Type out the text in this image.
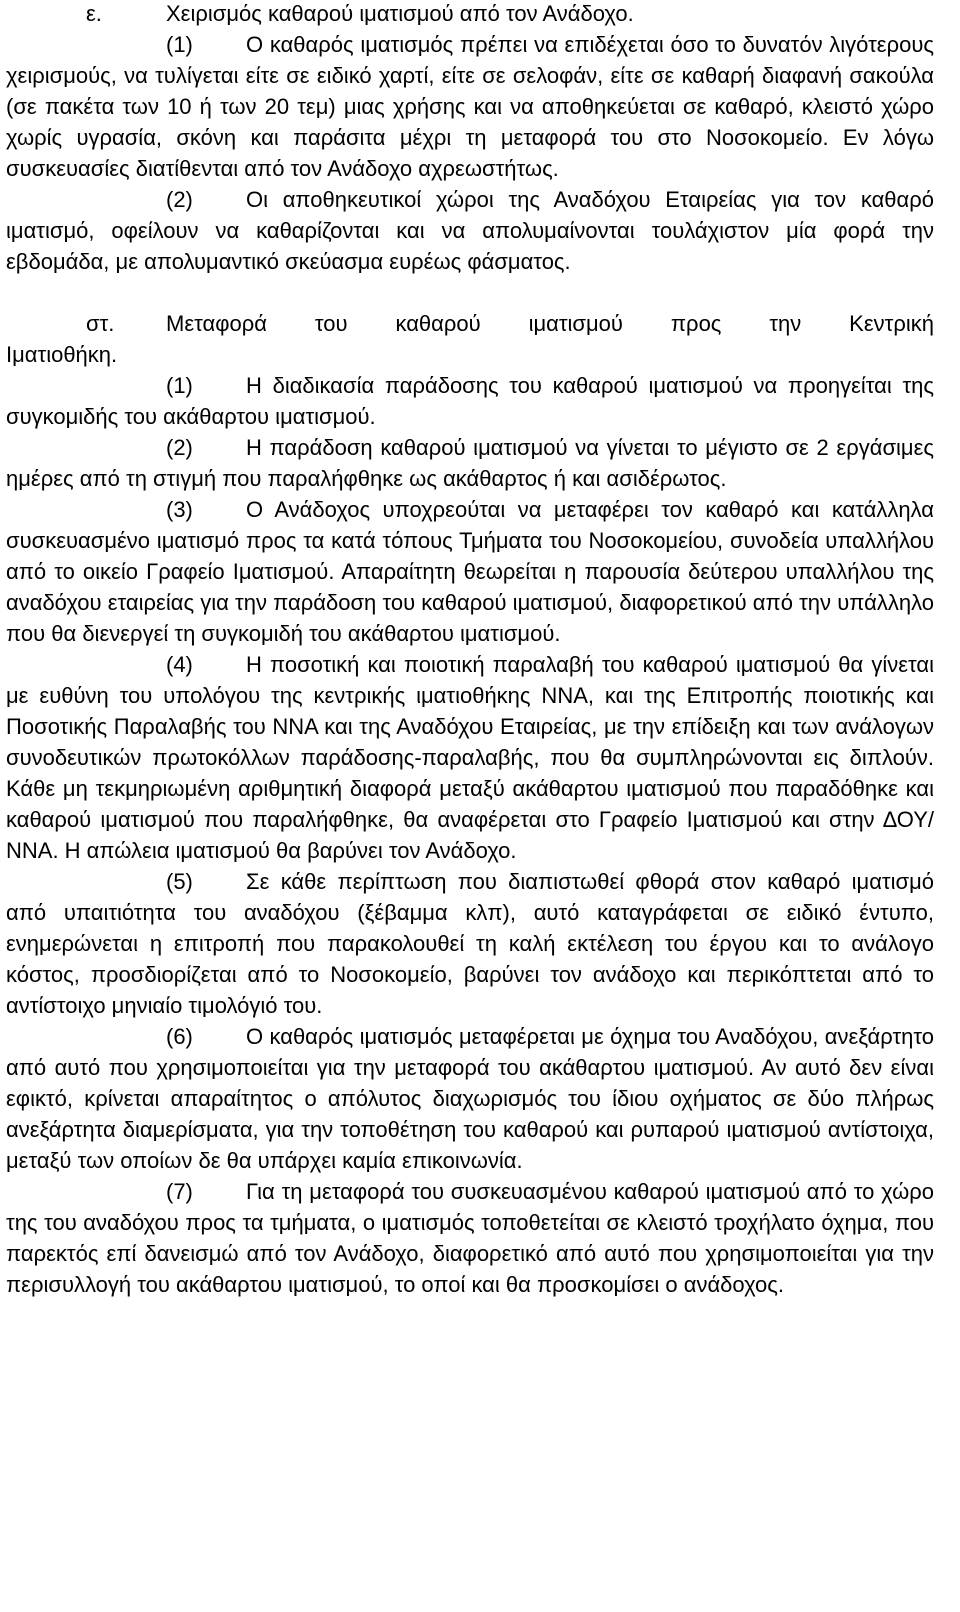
ε.	Χειρισμός καθαρού ιματισμού από τον Ανάδοχο.

(1) Ο καθαρός ιματισμός πρέπει να επιδέχεται όσο το δυνατόν λιγότερους χειρισμούς, να τυλίγεται είτε σε ειδικό χαρτί, είτε σε σελοφάν, είτε σε καθαρή διαφανή σακούλα (σε πακέτα των 10 ή των 20 τεμ) μιας χρήσης και να αποθηκεύεται σε καθαρό, κλειστό χώρο χωρίς υγρασία, σκόνη και παράσιτα μέχρι τη μεταφορά του στο Νοσοκομείο. Εν λόγω συσκευασίες διατίθενται από τον Ανάδοχο αχρεωστήτως.

(2) Οι αποθηκευτικοί χώροι της Αναδόχου Εταιρείας για τον καθαρό ιματισμό, οφείλουν να καθαρίζονται και να απολυμαίνονται τουλάχιστον μία φορά την εβδομάδα, με απολυμαντικό σκεύασμα ευρέως φάσματος.

στ. Μεταφορά του καθαρού ιματισμού προς την Κεντρική
Ιματιοθήκη.

(1) Η διαδικασία παράδοσης του καθαρού ιματισμού να προηγείται της συγκομιδής του ακάθαρτου ιματισμού.

(2) Η παράδοση καθαρού ιματισμού να γίνεται το μέγιστο σε 2 εργάσιμες ημέρες από τη στιγμή που παραλήφθηκε ως ακάθαρτος ή και ασιδέρωτος.

(3) Ο Ανάδοχος υποχρεούται να μεταφέρει τον καθαρό και κατάλληλα συσκευασμένο ιματισμό προς τα κατά τόπους Τμήματα του Νοσοκομείου, συνοδεία υπαλλήλου από το οικείο Γραφείο Ιματισμού. Απαραίτητη θεωρείται η παρουσία δεύτερου υπαλλήλου της αναδόχου εταιρείας για την παράδοση του καθαρού ιματισμού, διαφορετικού από την υπάλληλο που θα διενεργεί τη συγκομιδή του ακάθαρτου ιματισμού.

(4) Η ποσοτική και ποιοτική παραλαβή του καθαρού ιματισμού θα γίνεται με ευθύνη του υπολόγου της κεντρικής ιματιοθήκης ΝΝΑ, και της Επιτροπής ποιοτικής και Ποσοτικής Παραλαβής του ΝΝΑ και της Αναδόχου Εταιρείας, με την επίδειξη και των ανάλογων συνοδευτικών πρωτοκόλλων παράδοσης-παραλαβής, που θα συμπληρώνονται εις διπλούν. Κάθε μη τεκμηριωμένη αριθμητική διαφορά μεταξύ ακάθαρτου ιματισμού που παραδόθηκε και καθαρού ιματισμού που παραλήφθηκε, θα αναφέρεται στο Γραφείο Ιματισμού και στην ΔΟΥ/ΝΝΑ. Η απώλεια ιματισμού θα βαρύνει τον Ανάδοχο.

(5) Σε κάθε περίπτωση που διαπιστωθεί φθορά στον καθαρό ιματισμό από υπαιτιότητα του αναδόχου (ξέβαμμα κλπ), αυτό καταγράφεται σε ειδικό έντυπο, ενημερώνεται η επιτροπή που παρακολουθεί τη καλή εκτέλεση του έργου και το ανάλογο κόστος, προσδιορίζεται από το Νοσοκομείο, βαρύνει τον ανάδοχο και περικόπτεται από το αντίστοιχο μηνιαίο τιμολόγιό του.

(6) Ο καθαρός ιματισμός μεταφέρεται με όχημα του Αναδόχου, ανεξάρτητο από αυτό που χρησιμοποιείται για την μεταφορά του ακάθαρτου ιματισμού. Αν αυτό δεν είναι εφικτό, κρίνεται απαραίτητος ο απόλυτος διαχωρισμός του ίδιου οχήματος σε δύο πλήρως ανεξάρτητα διαμερίσματα, για την τοποθέτηση του καθαρού και ρυπαρού ιματισμού αντίστοιχα, μεταξύ των οποίων δε θα υπάρχει καμία επικοινωνία.

(7) Για τη μεταφορά του συσκευασμένου καθαρού ιματισμού από το χώρο της του αναδόχου προς τα τμήματα, ο ιματισμός τοποθετείται σε κλειστό τροχήλατο όχημα, που παρεκτός επί δανεισμώ από τον Ανάδοχο, διαφορετικό από αυτό που χρησιμοποιείται για την περισυλλογή του ακάθαρτου ιματισμού, το οποί και θα προσκομίσει ο ανάδοχος.
